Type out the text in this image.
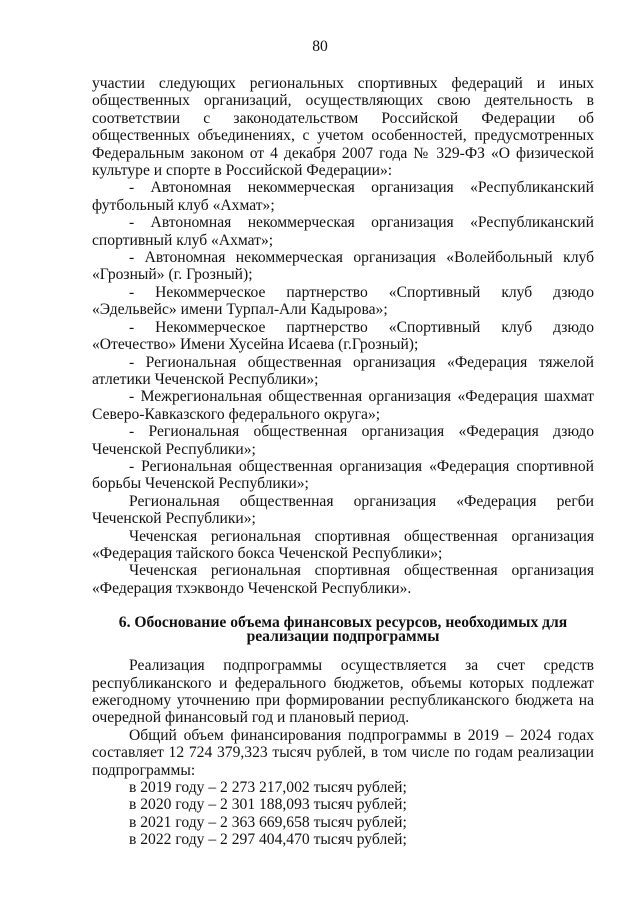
80

участии следующих региональных спортивных федераций и иных общественных организаций, осуществляющих свою деятельность в соответствии с законодательством Российской Федерации об общественных объединениях, с учетом особенностей, предусмотренных Федеральным законом от 4 декабря 2007 года № 329-ФЗ «О физической культуре и спорте в Российской Федерации»:

- Автономная некоммерческая организация «Республиканский футбольный клуб «Ахмат»;

- Автономная некоммерческая организация «Республиканский спортивный клуб «Ахмат»;

- Автономная некоммерческая организация «Волейбольный клуб «Грозный» (г. Грозный);

- Некоммерческое партнерство «Спортивный клуб дзюдо «Эдельвейс» имени Турпал-Али Кадырова»;

- Некоммерческое партнерство «Спортивный клуб дзюдо «Отечество» Имени Хусейна Исаева (г.Грозный);

- Региональная общественная организация «Федерация тяжелой атлетики Чеченской Республики»;

- Межрегиональная общественная организация «Федерация шахмат Северо-Кавказского федерального округа»;

- Региональная общественная организация «Федерация дзюдо Чеченской Республики»;

- Региональная общественная организация «Федерация спортивной борьбы Чеченской Республики»;

Региональная общественная организация «Федерация регби Чеченской Республики»;

Чеченская региональная спортивная общественная организация «Федерация тайского бокса Чеченской Республики»;

Чеченская региональная спортивная общественная организация «Федерация тхэквондо Чеченской Республики».

6. Обоснование объема финансовых ресурсов, необходимых для реализации подпрограммы

Реализация подпрограммы осуществляется за счет средств республиканского и федерального бюджетов, объемы которых подлежат ежегодному уточнению при формировании республиканского бюджета на очередной финансовый год и плановый период.

Общий объем финансирования подпрограммы в 2019 – 2024 годах составляет 12 724 379,323 тысяч рублей, в том числе по годам реализации подпрограммы:

в 2019 году – 2 273 217,002 тысяч рублей;

в 2020 году – 2 301 188,093 тысяч рублей;

в 2021 году – 2 363 669,658 тысяч рублей;

в 2022 году – 2 297 404,470 тысяч рублей;
